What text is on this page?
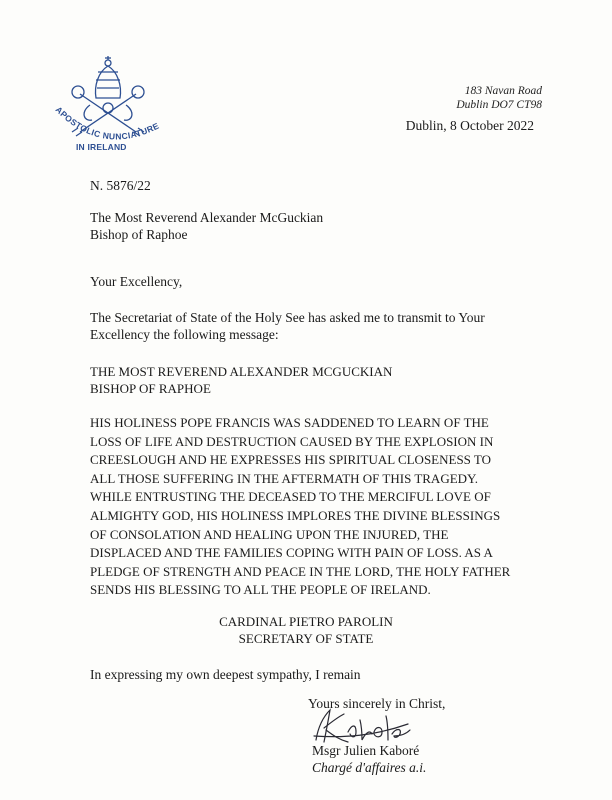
APOSTOLIC NUNCIATURE
IN IRELAND
183 Navan Road
Dublin DO7 CT98
Dublin, 8 October 2022
N. 5876/22
The Most Reverend Alexander McGuckian
Bishop of Raphoe
Your Excellency,
The Secretariat of State of the Holy See has asked me to transmit to Your
Excellency the following message:
THE MOST REVEREND ALEXANDER MCGUCKIAN
BISHOP OF RAPHOE
HIS HOLINESS POPE FRANCIS WAS SADDENED TO LEARN OF THE
LOSS OF LIFE AND DESTRUCTION CAUSED BY THE EXPLOSION IN
CREESLOUGH AND HE EXPRESSES HIS SPIRITUAL CLOSENESS TO
ALL THOSE SUFFERING IN THE AFTERMATH OF THIS TRAGEDY.
WHILE ENTRUSTING THE DECEASED TO THE MERCIFUL LOVE OF
ALMIGHTY GOD, HIS HOLINESS IMPLORES THE DIVINE BLESSINGS
OF CONSOLATION AND HEALING UPON THE INJURED, THE
DISPLACED AND THE FAMILIES COPING WITH PAIN OF LOSS. AS A
PLEDGE OF STRENGTH AND PEACE IN THE LORD, THE HOLY FATHER
SENDS HIS BLESSING TO ALL THE PEOPLE OF IRELAND.
CARDINAL PIETRO PAROLIN
SECRETARY OF STATE
In expressing my own deepest sympathy, I remain
Yours sincerely in Christ,
Msgr Julien Kaboré
Chargé d'affaires a.i.
